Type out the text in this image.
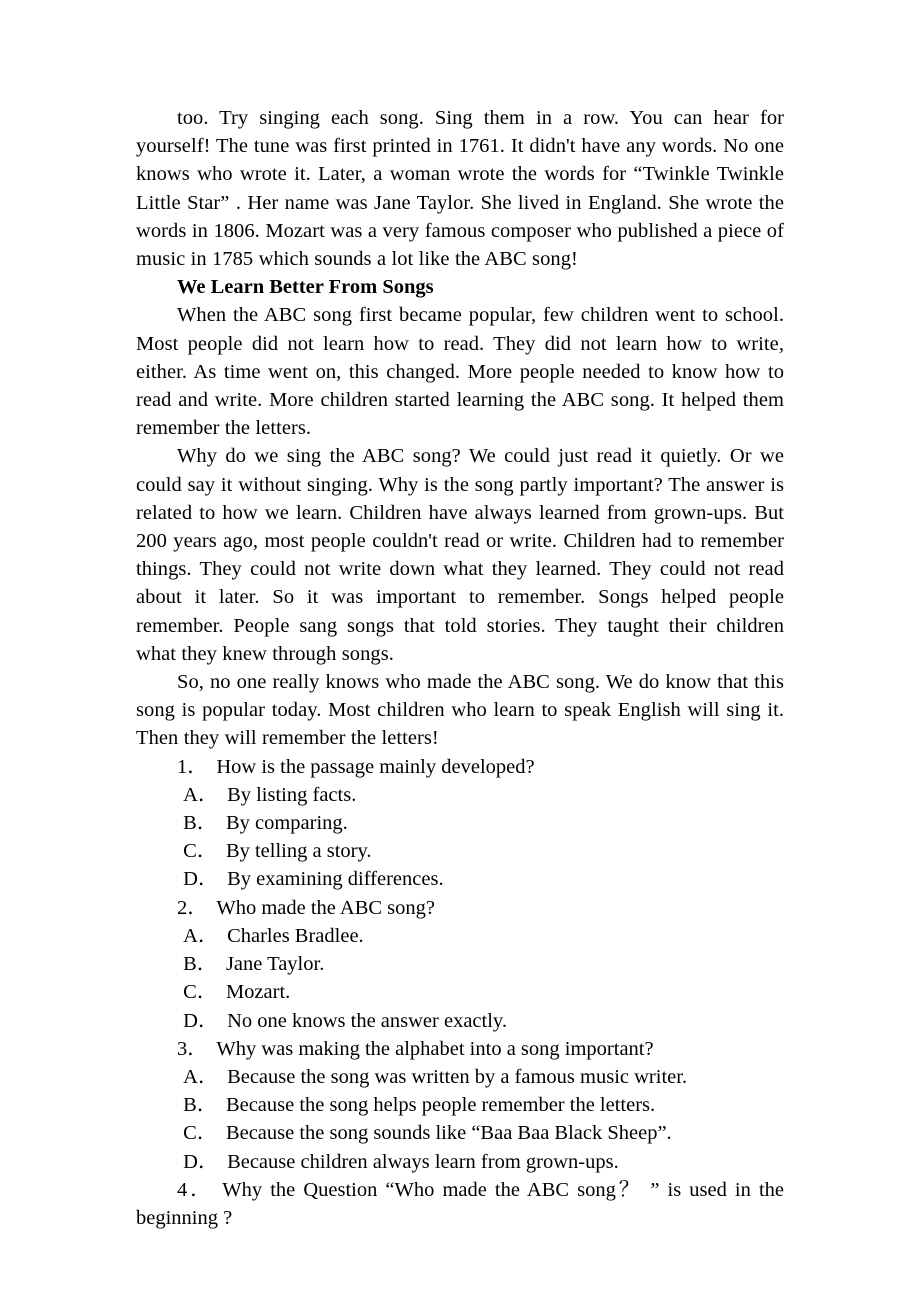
too. Try singing each song. Sing them in a row. You can hear for yourself! The tune was first printed in 1761. It didn't have any words. No one knows who wrote it. Later, a woman wrote the words for “Twinkle Twinkle Little Star” . Her name was Jane Taylor. She lived in England. She wrote the words in 1806. Mozart was a very famous composer who published a piece of music in 1785 which sounds a lot like the ABC song!

We Learn Better From Songs

When the ABC song first became popular, few children went to school. Most people did not learn how to read. They did not learn how to write, either. As time went on, this changed. More people needed to know how to read and write. More children started learning the ABC song. It helped them remember the letters.

Why do we sing the ABC song? We could just read it quietly. Or we could say it without singing. Why is the song partly important? The answer is related to how we learn. Children have always learned from grown-ups. But 200 years ago, most people couldn't read or write. Children had to remember things. They could not write down what they learned. They could not read about it later. So it was important to remember. Songs helped people remember. People sang songs that told stories. They taught their children what they knew through songs.

So, no one really knows who made the ABC song. We do know that this song is popular today. Most children who learn to speak English will sing it. Then they will remember the letters!

1． How is the passage mainly developed?

A． By listing facts.

B． By comparing.

C． By telling a story.

D． By examining differences.

2． Who made the ABC song?

A． Charles Bradlee.

B． Jane Taylor.

C． Mozart.

D． No one knows the answer exactly.

3． Why was making the alphabet into a song important?

A． Because the song was written by a famous music writer.

B． Because the song helps people remember the letters.

C． Because the song sounds like “Baa Baa Black Sheep”.

D． Because children always learn from grown-ups.

4． Why the Question “Who made the ABC song？ ” is used in the beginning ?
